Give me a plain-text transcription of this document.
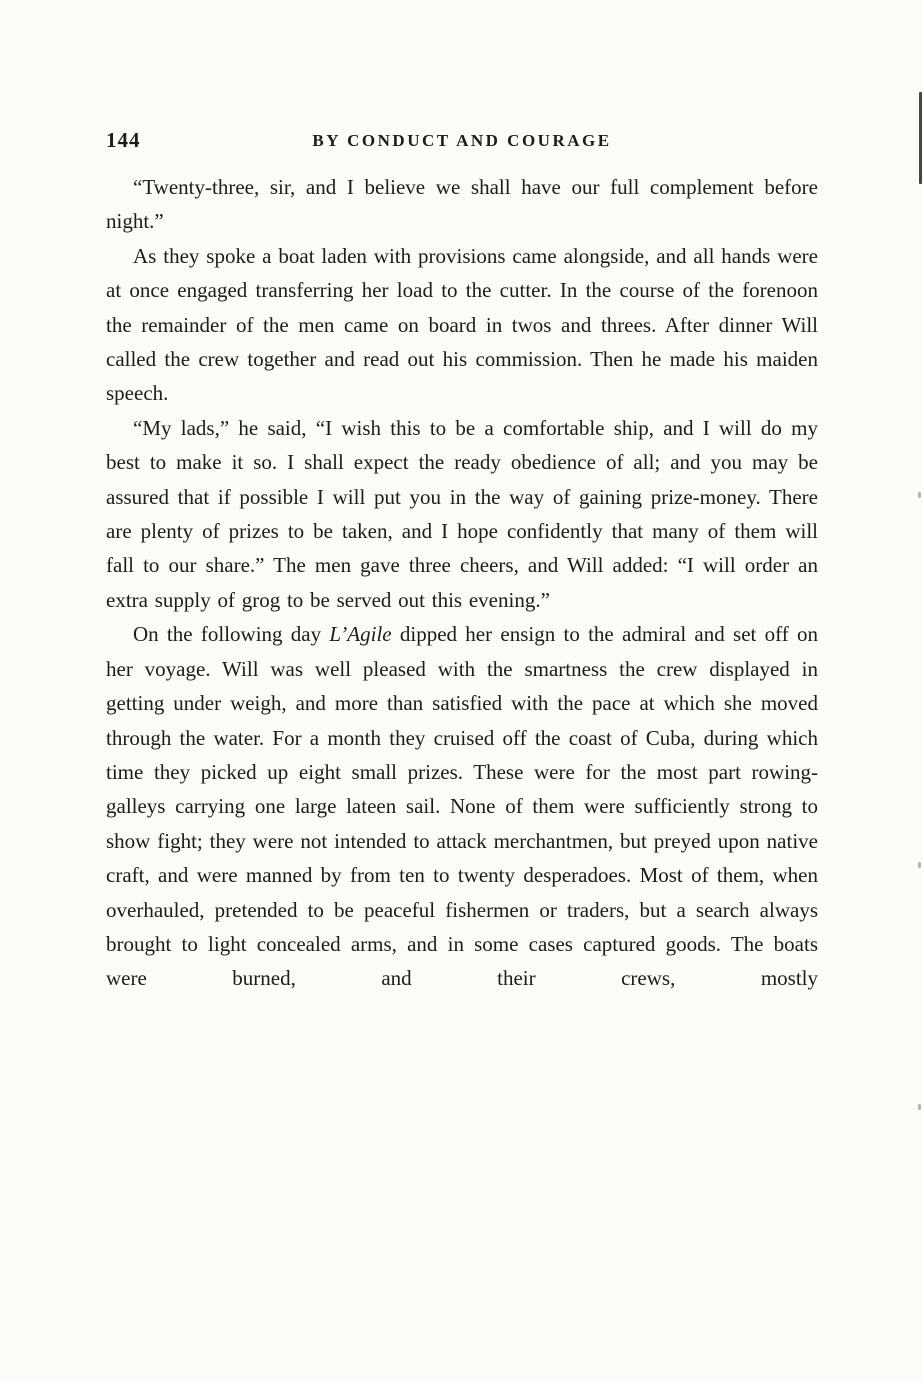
144	BY CONDUCT AND COURAGE

“Twenty-three, sir, and I believe we shall have our full complement before night.”

As they spoke a boat laden with provisions came alongside, and all hands were at once engaged transferring her load to the cutter. In the course of the forenoon the remainder of the men came on board in twos and threes. After dinner Will called the crew together and read out his commission. Then he made his maiden speech.

“My lads,” he said, “I wish this to be a comfortable ship, and I will do my best to make it so. I shall expect the ready obedience of all; and you may be assured that if possible I will put you in the way of gaining prize-money. There are plenty of prizes to be taken, and I hope confidently that many of them will fall to our share.” The men gave three cheers, and Will added: “I will order an extra supply of grog to be served out this evening.”

On the following day L’Agile dipped her ensign to the admiral and set off on her voyage. Will was well pleased with the smartness the crew displayed in getting under weigh, and more than satisfied with the pace at which she moved through the water. For a month they cruised off the coast of Cuba, during which time they picked up eight small prizes. These were for the most part rowing-galleys carrying one large lateen sail. None of them were sufficiently strong to show fight; they were not intended to attack merchantmen, but preyed upon native craft, and were manned by from ten to twenty desperadoes. Most of them, when overhauled, pretended to be peaceful fishermen or traders, but a search always brought to light concealed arms, and in some cases captured goods. The boats were burned, and their crews, mostly
